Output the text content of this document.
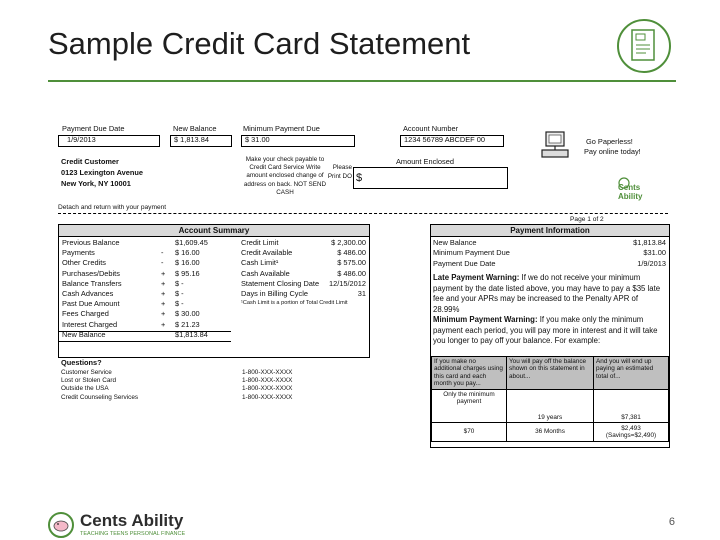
Sample Credit Card Statement
Payment Due Date
1/9/2013
New Balance
$ 1,813.84
Minimum Payment Due
$ 31.00
Account Number
1234 56789 ABCDEF 00	Go Paperless!
Pay online today!
Credit Customer
0123 Lexington Avenue
New York, NY 10001
Make your check payable to Credit Card Service Write amount enclosed change of address on back. NOT SEND CASH
Please Print DO
Amount Enclosed
$
Cents Ability
Detach and return with your payment
Page 1 of 2
Account Summary
Previous Balance	$1,609.45	Credit Limit	$ 2,300.00
Payments	- $ 16.00	Credit Available	$ 486.00
Other Credits	- $ 16.00	Cash Limit¹	$ 575.00
Purchases/Debits	+ $ 95.16	Cash Available	$ 486.00
Balance Transfers	+ $ -	Statement Closing Date 12/15/2012
Cash Advances	+ $ -	Days in Billing Cycle	31
Past Due Amount	+ $ -	¹Cash Limit is a portion of Total Credit Limit
Fees Charged	+ $ 30.00
Interest Charged	+ $ 21.23
New Balance	$1,813.84
Questions?
Customer Service	1-800-XXX-XXXX
Lost or Stolen Card	1-800-XXX-XXXX
Outside the USA	1-800-XXX-XXXX
Credit Counseling Services	1-800-XXX-XXXX
Payment Information
New Balance	$1,813.84
Minimum Payment Due	$31.00
Payment Due Date	1/9/2013
Late Payment Warning: If we do not receive your minimum payment by the date listed above, you may have to pay a $35 late fee and your APRs may be increased to the Penalty APR of 28.99%
Minimum Payment Warning: If you make only the minimum payment each period, you will pay more in interest and it will take you longer to pay off your balance. For example:
If you make no additional charges using this card and each month you pay...	You will pay off the balance shown on this statement in about...	And you will end up paying an estimated total of...
Only the minimum payment	19 years	$7,381
$70	36 Months	$2,493 (Savings=$2,490)
Cents Ability
TEACHING TEENS PERSONAL FINANCE
6
